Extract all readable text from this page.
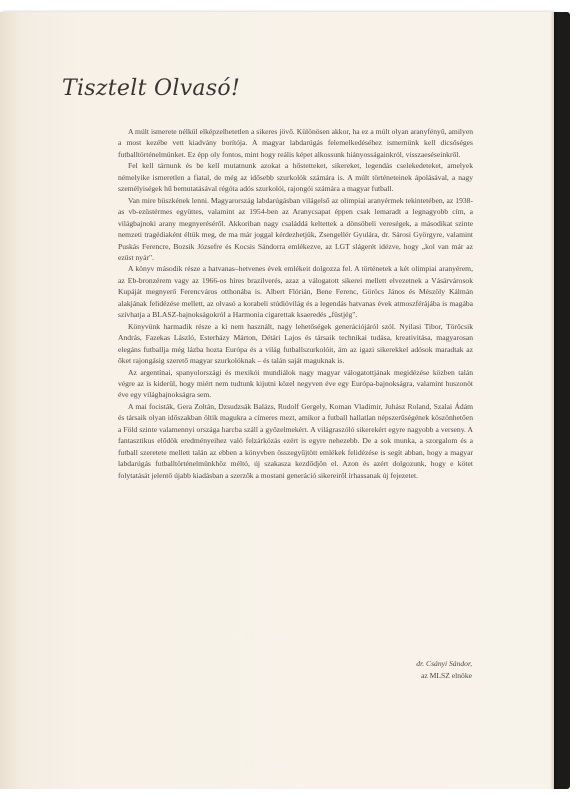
Tisztelt Olvasó!

A múlt ismerete nélkül elképzelhetetlen a sikeres jövő. Különösen akkor, ha ez a múlt olyan aranyfényű, amilyen a most kezébe vett kiadvány borítója. A magyar labdarúgás felemelkedéséhez ismernünk kell dicsőséges futballtörténelmünket. Ez épp oly fontos, mint hogy reális képet alkossunk hiányosságainkról, visszaeséseinkről.

Fel kell tárnunk és be kell mutatnunk azokat a hőstetteket, sikereket, legendás cselekedeteket, amelyek némelyike ismeretlen a fiatal, de még az idősebb szurkolók számára is. A múlt történeteinek ápolásával, a nagy személyiségek hű bemutatásával régóta adós szurkolói, rajongói számára a magyar futball.

Van mire büszkének lenni. Magyarország labdarúgásban világelső az olimpiai aranyérmek tekintetében, az 1938-as vb-ezüstérmes együttes, valamint az 1954-ben az Aranycsapat éppen csak lemaradt a legnagyobb cím, a világbajnoki arany megnyeréséről. Akkoriban nagy családdá keltettek a dönsöbeli vereségek, a másodikat szinte nemzeti tragédiaként éltük meg, de ma már joggal kérdezhetjük, Zsengellér Gyulára, dr. Sárosi Györgyre, valamint Puskás Ferencre, Bozsik Józsefre és Kocsis Sándorra emlékezve, az LGT slágerét idézve, hogy „kol van már az ezüst nyár".

A könyv második része a hatvanas–hetvenes évek emlékeit dolgozza fel. A történetek a két olimpiai aranyérem, az Eb-bronzérem vagy az 1966-os híres brazilverés, azaz a válogatott sikerei mellett elvezetnek a Vásárvárosok Kupáját megnyerő Ferencváros otthonába is. Albert Flórián, Bene Ferenc, Göröcs János és Mészöly Kálmán alakjának felidézése mellett, az olvasó a korabeli stúdióvilág és a legendás hatvanas évek atmoszférájába is magába szívhatja a BLASZ-bajnokságokról a Harmonia cigarettak ksaeredés „füstjég".

Könyvünk harmadik része a ki nem használt, nagy lehetőségek generációjáról szól. Nyilasi Tibor, Törőcsik András, Fazekas László, Esterházy Márton, Détári Lajos és társaik technikai tudása, kreativitása, magyarosan elegáns futballja még lázba hozta Európa és a világ futballszurkolóit, ám az igazi sikerekkel adósok maradtak az őket rajongásig szerető magyar szurkolóknak – és talán saját maguknak is.

Az argentínai, spanyolországi és mexikói mundiálok nagy magyar válogatottjának megidézése közben talán végre az is kiderül, hogy miért nem tudtunk kijutni közel negyven éve egy Európa-bajnokságra, valamint huszonöt éve egy világbajnokságra sem.

A mai focisták, Gera Zoltán, Dzsudzsák Balázs, Rudolf Gergely, Koman Vladimir, Juhász Roland, Szalai Ádám és társaik olyan időszakban öltik magukra a címeres mezt, amikor a futball hallatlan népszerűségének köszönhetően a Föld szinte valamennyi országa harcba száll a győzelmekért. A világraszóló sikerekért egyre nagyobb a verseny. A fantasztikus elődök eredményeihez való felzárkózás ezért is egyre nehezebb. De a sok munka, a szorgalom és a futball szeretete mellett talán az ebben a könyvben összegyűjtött emlékek felidézése is segít abban, hogy a magyar labdarúgás futballtörténelmünkhöz méltó, új szakasza kezdődjön el. Azon és azért dolgozunk, hogy e kötet folytatását jelentő újabb kiadásban a szerzők a mostani generáció sikereiről írhassanak új fejezetet.

dr. Csányi Sándor,
az MLSZ elnöke
